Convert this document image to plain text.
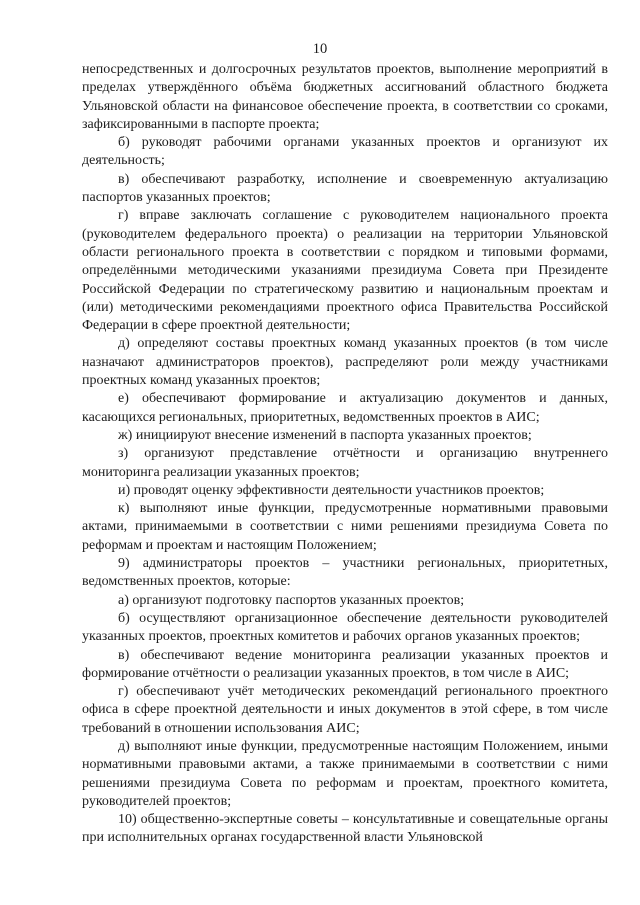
10

непосредственных и долгосрочных результатов проектов, выполнение мероприятий в пределах утверждённого объёма бюджетных ассигнований областного бюджета Ульяновской области на финансовое обеспечение проекта, в соответствии со сроками, зафиксированными в паспорте проекта;

б) руководят рабочими органами указанных проектов и организуют их деятельность;

в) обеспечивают разработку, исполнение и своевременную актуализацию паспортов указанных проектов;

г) вправе заключать соглашение с руководителем национального проекта (руководителем федерального проекта) о реализации на территории Ульяновской области регионального проекта в соответствии с порядком и типовыми формами, определёнными методическими указаниями президиума Совета при Президенте Российской Федерации по стратегическому развитию и национальным проектам и (или) методическими рекомендациями проектного офиса Правительства Российской Федерации в сфере проектной деятельности;

д) определяют составы проектных команд указанных проектов (в том числе назначают администраторов проектов), распределяют роли между участниками проектных команд указанных проектов;

е) обеспечивают формирование и актуализацию документов и данных, касающихся региональных, приоритетных, ведомственных проектов в АИС;

ж) инициируют внесение изменений в паспорта указанных проектов;

з) организуют представление отчётности и организацию внутреннего мониторинга реализации указанных проектов;

и) проводят оценку эффективности деятельности участников проектов;

к) выполняют иные функции, предусмотренные нормативными правовыми актами, принимаемыми в соответствии с ними решениями президиума Совета по реформам и проектам и настоящим Положением;

9) администраторы проектов – участники региональных, приоритетных, ведомственных проектов, которые:

а) организуют подготовку паспортов указанных проектов;

б) осуществляют организационное обеспечение деятельности руководителей указанных проектов, проектных комитетов и рабочих органов указанных проектов;

в) обеспечивают ведение мониторинга реализации указанных проектов и формирование отчётности о реализации указанных проектов, в том числе в АИС;

г) обеспечивают учёт методических рекомендаций регионального проектного офиса в сфере проектной деятельности и иных документов в этой сфере, в том числе требований в отношении использования АИС;

д) выполняют иные функции, предусмотренные настоящим Положением, иными нормативными правовыми актами, а также принимаемыми в соответствии с ними решениями президиума Совета по реформам и проектам, проектного комитета, руководителей проектов;

10) общественно-экспертные советы – консультативные и совещательные органы при исполнительных органах государственной власти Ульяновской
